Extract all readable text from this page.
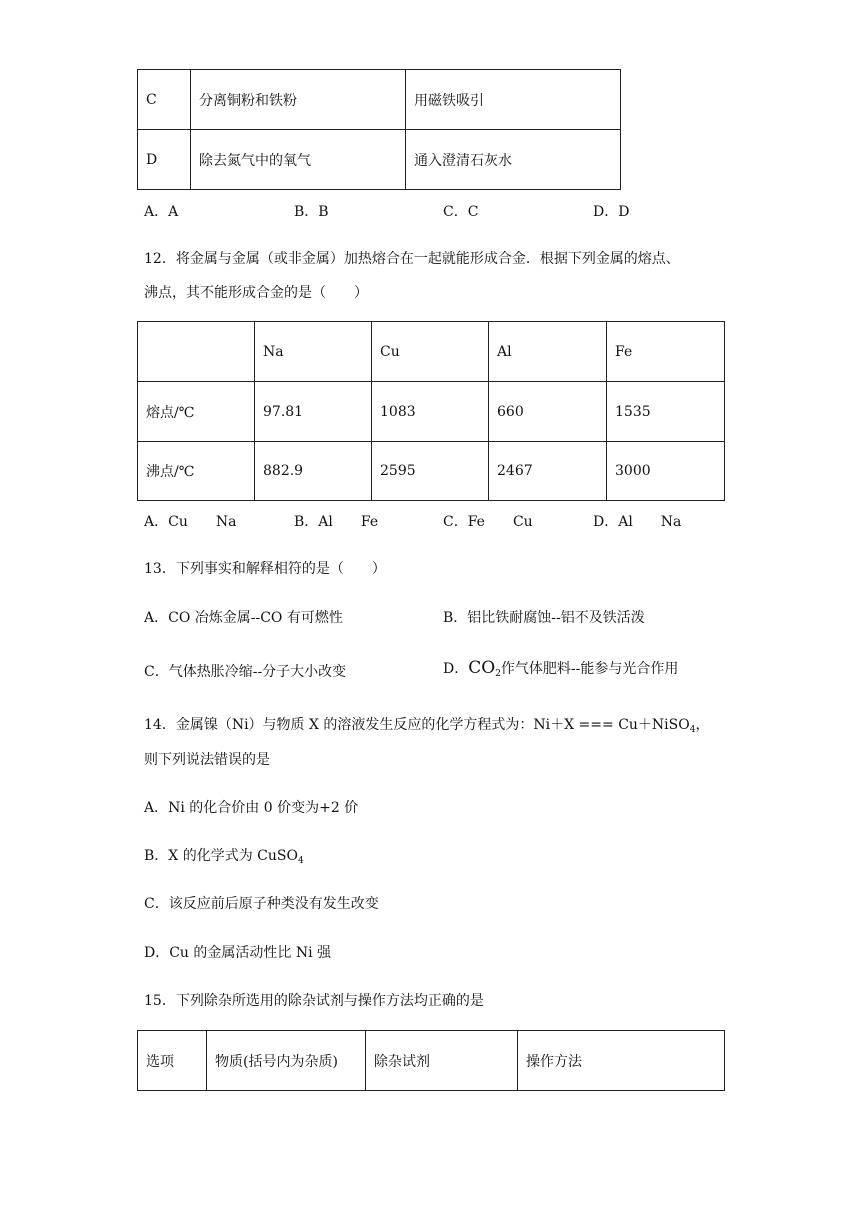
C	分离铜粉和铁粉	用磁铁吸引
D	除去氮气中的氧气	通入澄清石灰水
A．A	B．B	C．C	D．D
12．将金属与金属（或非金属）加热熔合在一起就能形成合金．根据下列金属的熔点、
沸点，其不能形成合金的是（　　）
	Na	Cu	Al	Fe
熔点/℃	97.81	1083	660	1535
沸点/℃	882.9	2595	2467	3000
A．Cu　　Na	B．Al　　Fe	C．Fe　　Cu	D．Al　　Na
13．下列事实和解释相符的是（　　）
A．CO 冶炼金属--CO 有可燃性	B．铝比铁耐腐蚀--铝不及铁活泼
C．气体热胀冷缩--分子大小改变	D．$CO_2$作气体肥料--能参与光合作用
14．金属镍（Ni）与物质 X 的溶液发生反应的化学方程式为：Ni＋X === Cu＋NiSO$_4$，
则下列说法错误的是
A．Ni 的化合价由 0 价变为+2 价
B．X 的化学式为 CuSO$_4$
C．该反应前后原子种类没有发生改变
D．Cu 的金属活动性比 Ni 强
15．下列除杂所选用的除杂试剂与操作方法均正确的是
选项	物质(括号内为杂质)	除杂试剂	操作方法
